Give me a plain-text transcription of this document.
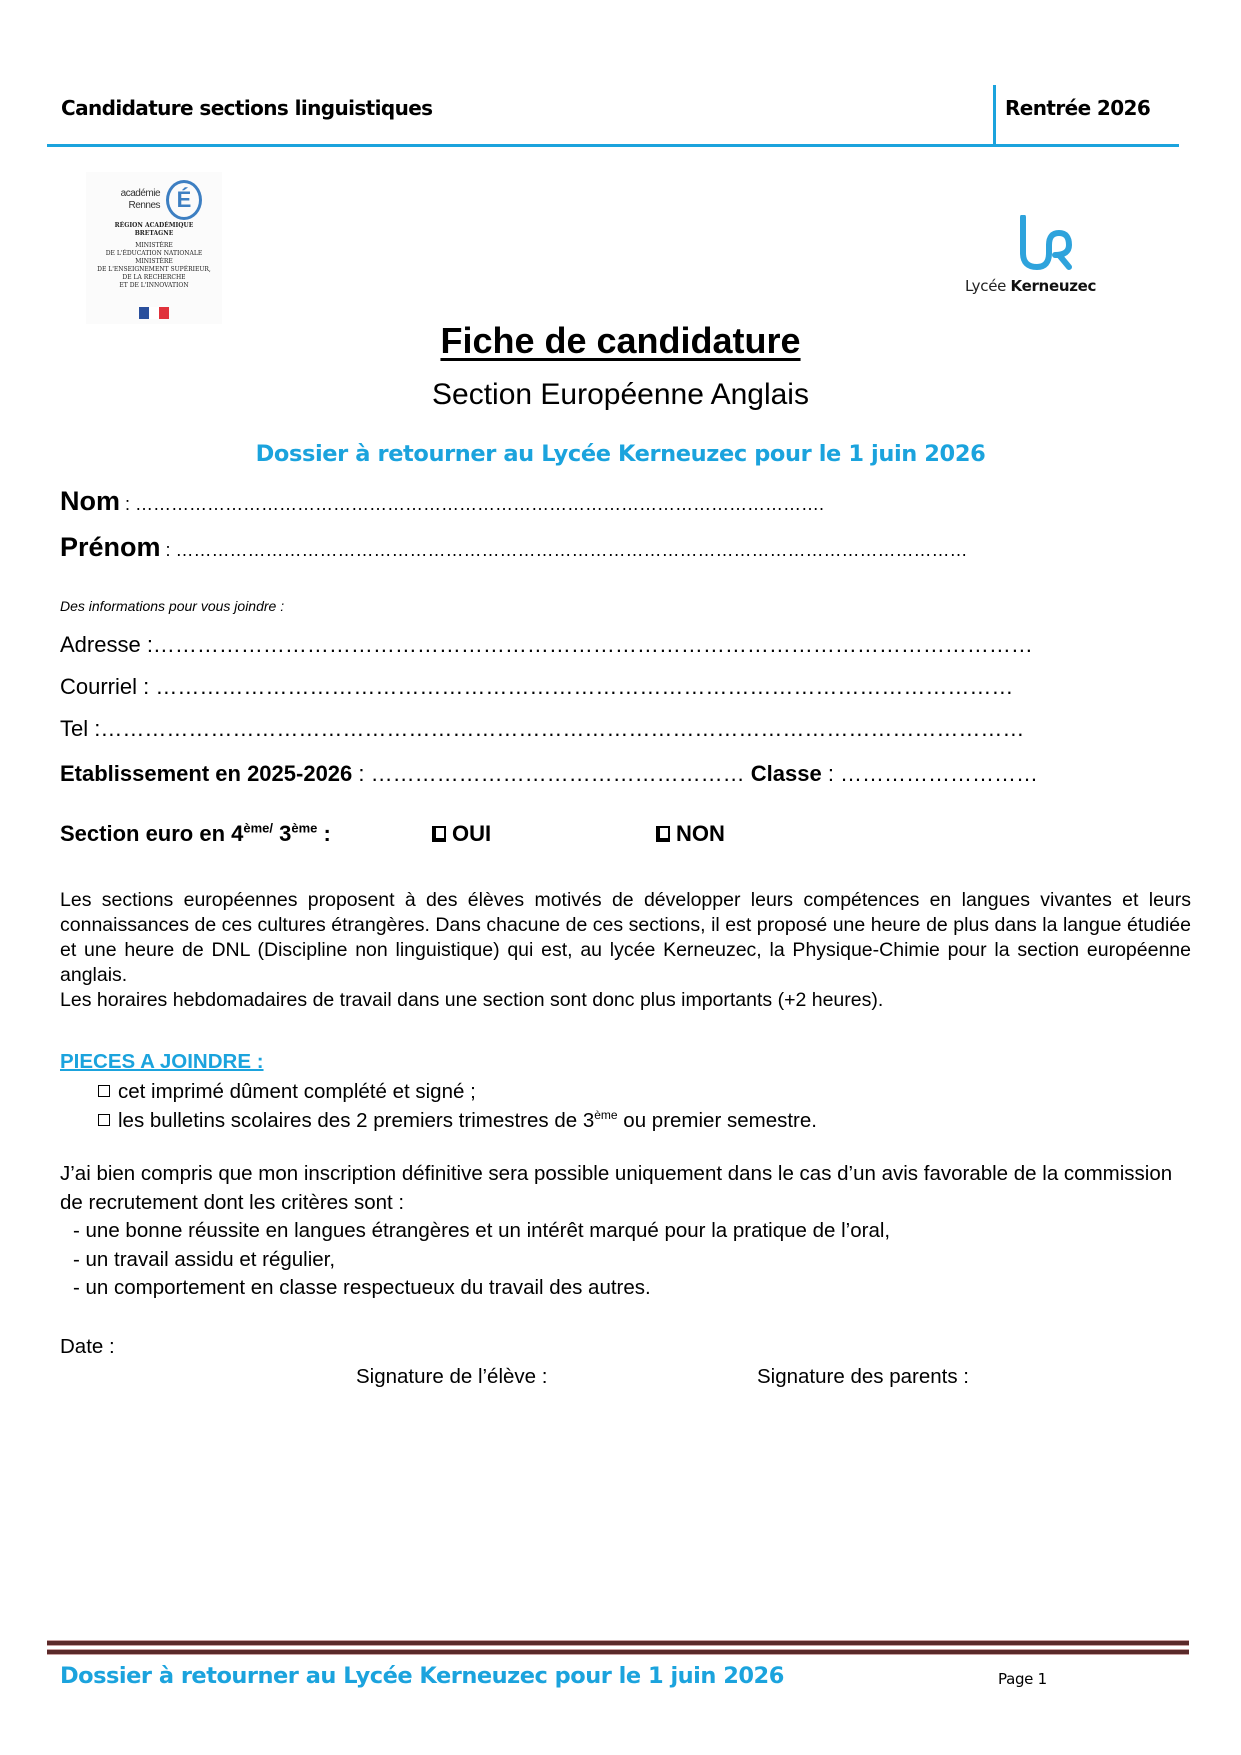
Candidature sections linguistiques	Rentrée 2026
académie
Rennes É
RÉGION ACADÉMIQUE
BRETAGNE
MINISTÈRE
DE L'ÉDUCATION NATIONALE
MINISTÈRE
DE L'ENSEIGNEMENT SUPÉRIEUR,
DE LA RECHERCHE
ET DE L'INNOVATION	Lycée Kerneuzec
Fiche de candidature
Section Européenne Anglais
Dossier à retourner au Lycée Kerneuzec pour le 1 juin 2026
Nom : …………………………………………………………………………………………………….
Prénom : ……………………………………………………………………………………………………………………
Des informations pour vous joindre :
Adresse :…………………………………………………………………………………………………………
Courriel : ………………………………………………………………………………………………………
Tel :………………………………………………………………………………………………………………
Etablissement en 2025-2026 : …………………………………………… Classe : ………………………
Section euro en $4^{ème/}$ 3ème :	OUI	NON

Les sections européennes proposent à des élèves motivés de développer leurs compétences en langues vivantes et leurs connaissances de ces cultures étrangères. Dans chacune de ces sections, il est proposé une heure de plus dans la langue étudiée et une heure de DNL (Discipline non linguistique) qui est, au lycée Kerneuzec, la Physique-Chimie pour la section européenne anglais.

Les horaires hebdomadaires de travail dans une section sont donc plus importants (+2 heures).

PIECES A JOINDRE :
cet imprimé dûment complété et signé ;
les bulletins scolaires des 2 premiers trimestres de 3ème ou premier semestre.
J’ai bien compris que mon inscription définitive sera possible uniquement dans le cas d’un avis favorable de la commission de recrutement dont les critères sont :
- une bonne réussite en langues étrangères et un intérêt marqué pour la pratique de l’oral,
- un travail assidu et régulier,
- un comportement en classe respectueux du travail des autres.
Date :
Signature de l’élève :	Signature des parents :
Dossier à retourner au Lycée Kerneuzec pour le 1 juin 2026	Page 1
